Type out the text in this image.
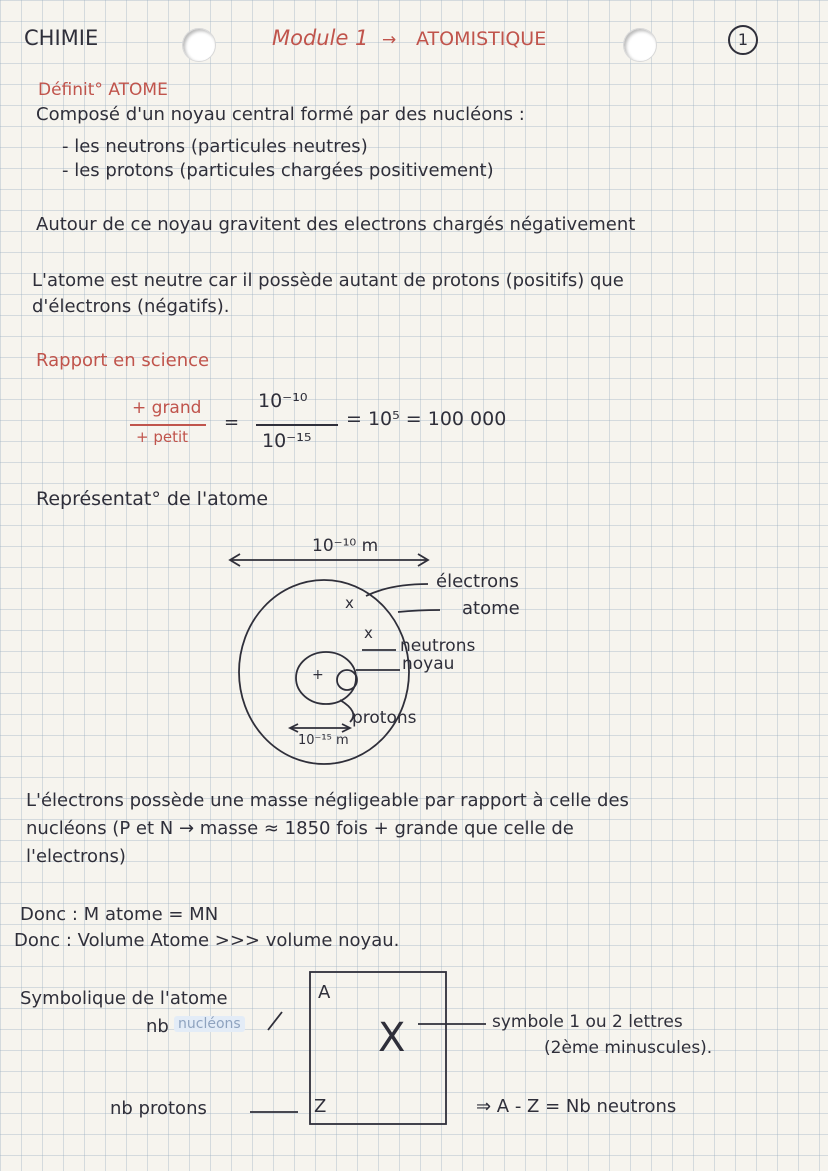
CHIMIE	Module 1 → ATOMISTIQUE	1
Définit° ATOME
Composé d'un noyau central formé par des nucléons :
- les neutrons (particules neutres)
- les protons (particules chargées positivement)
Autour de ce noyau gravitent des electrons chargés négativement
L'atome est neutre car il possède autant de protons (positifs) que
d'électrons (négatifs).
Rapport en science
+ grand
+ petit
=
10⁻¹⁰
10⁻¹⁵
= 10⁵ = 100 000
Représentat° de l'atome
10⁻¹⁰ m
x
x
+
électrons
atome
neutrons
noyau
protons
10⁻¹⁵ m
L'électrons possède une masse négligeable par rapport à celle des
nucléons (P et N → masse ≈ 1850 fois + grande que celle de
l'electrons)
Donc : M atome = MN
Donc : Volume Atome >>> volume noyau.
Symbolique de l'atome
nb nucléons
nb protons
A
X
Z
symbole 1 ou 2 lettres
(2ème minuscules).
⇒ A - Z = Nb neutrons
